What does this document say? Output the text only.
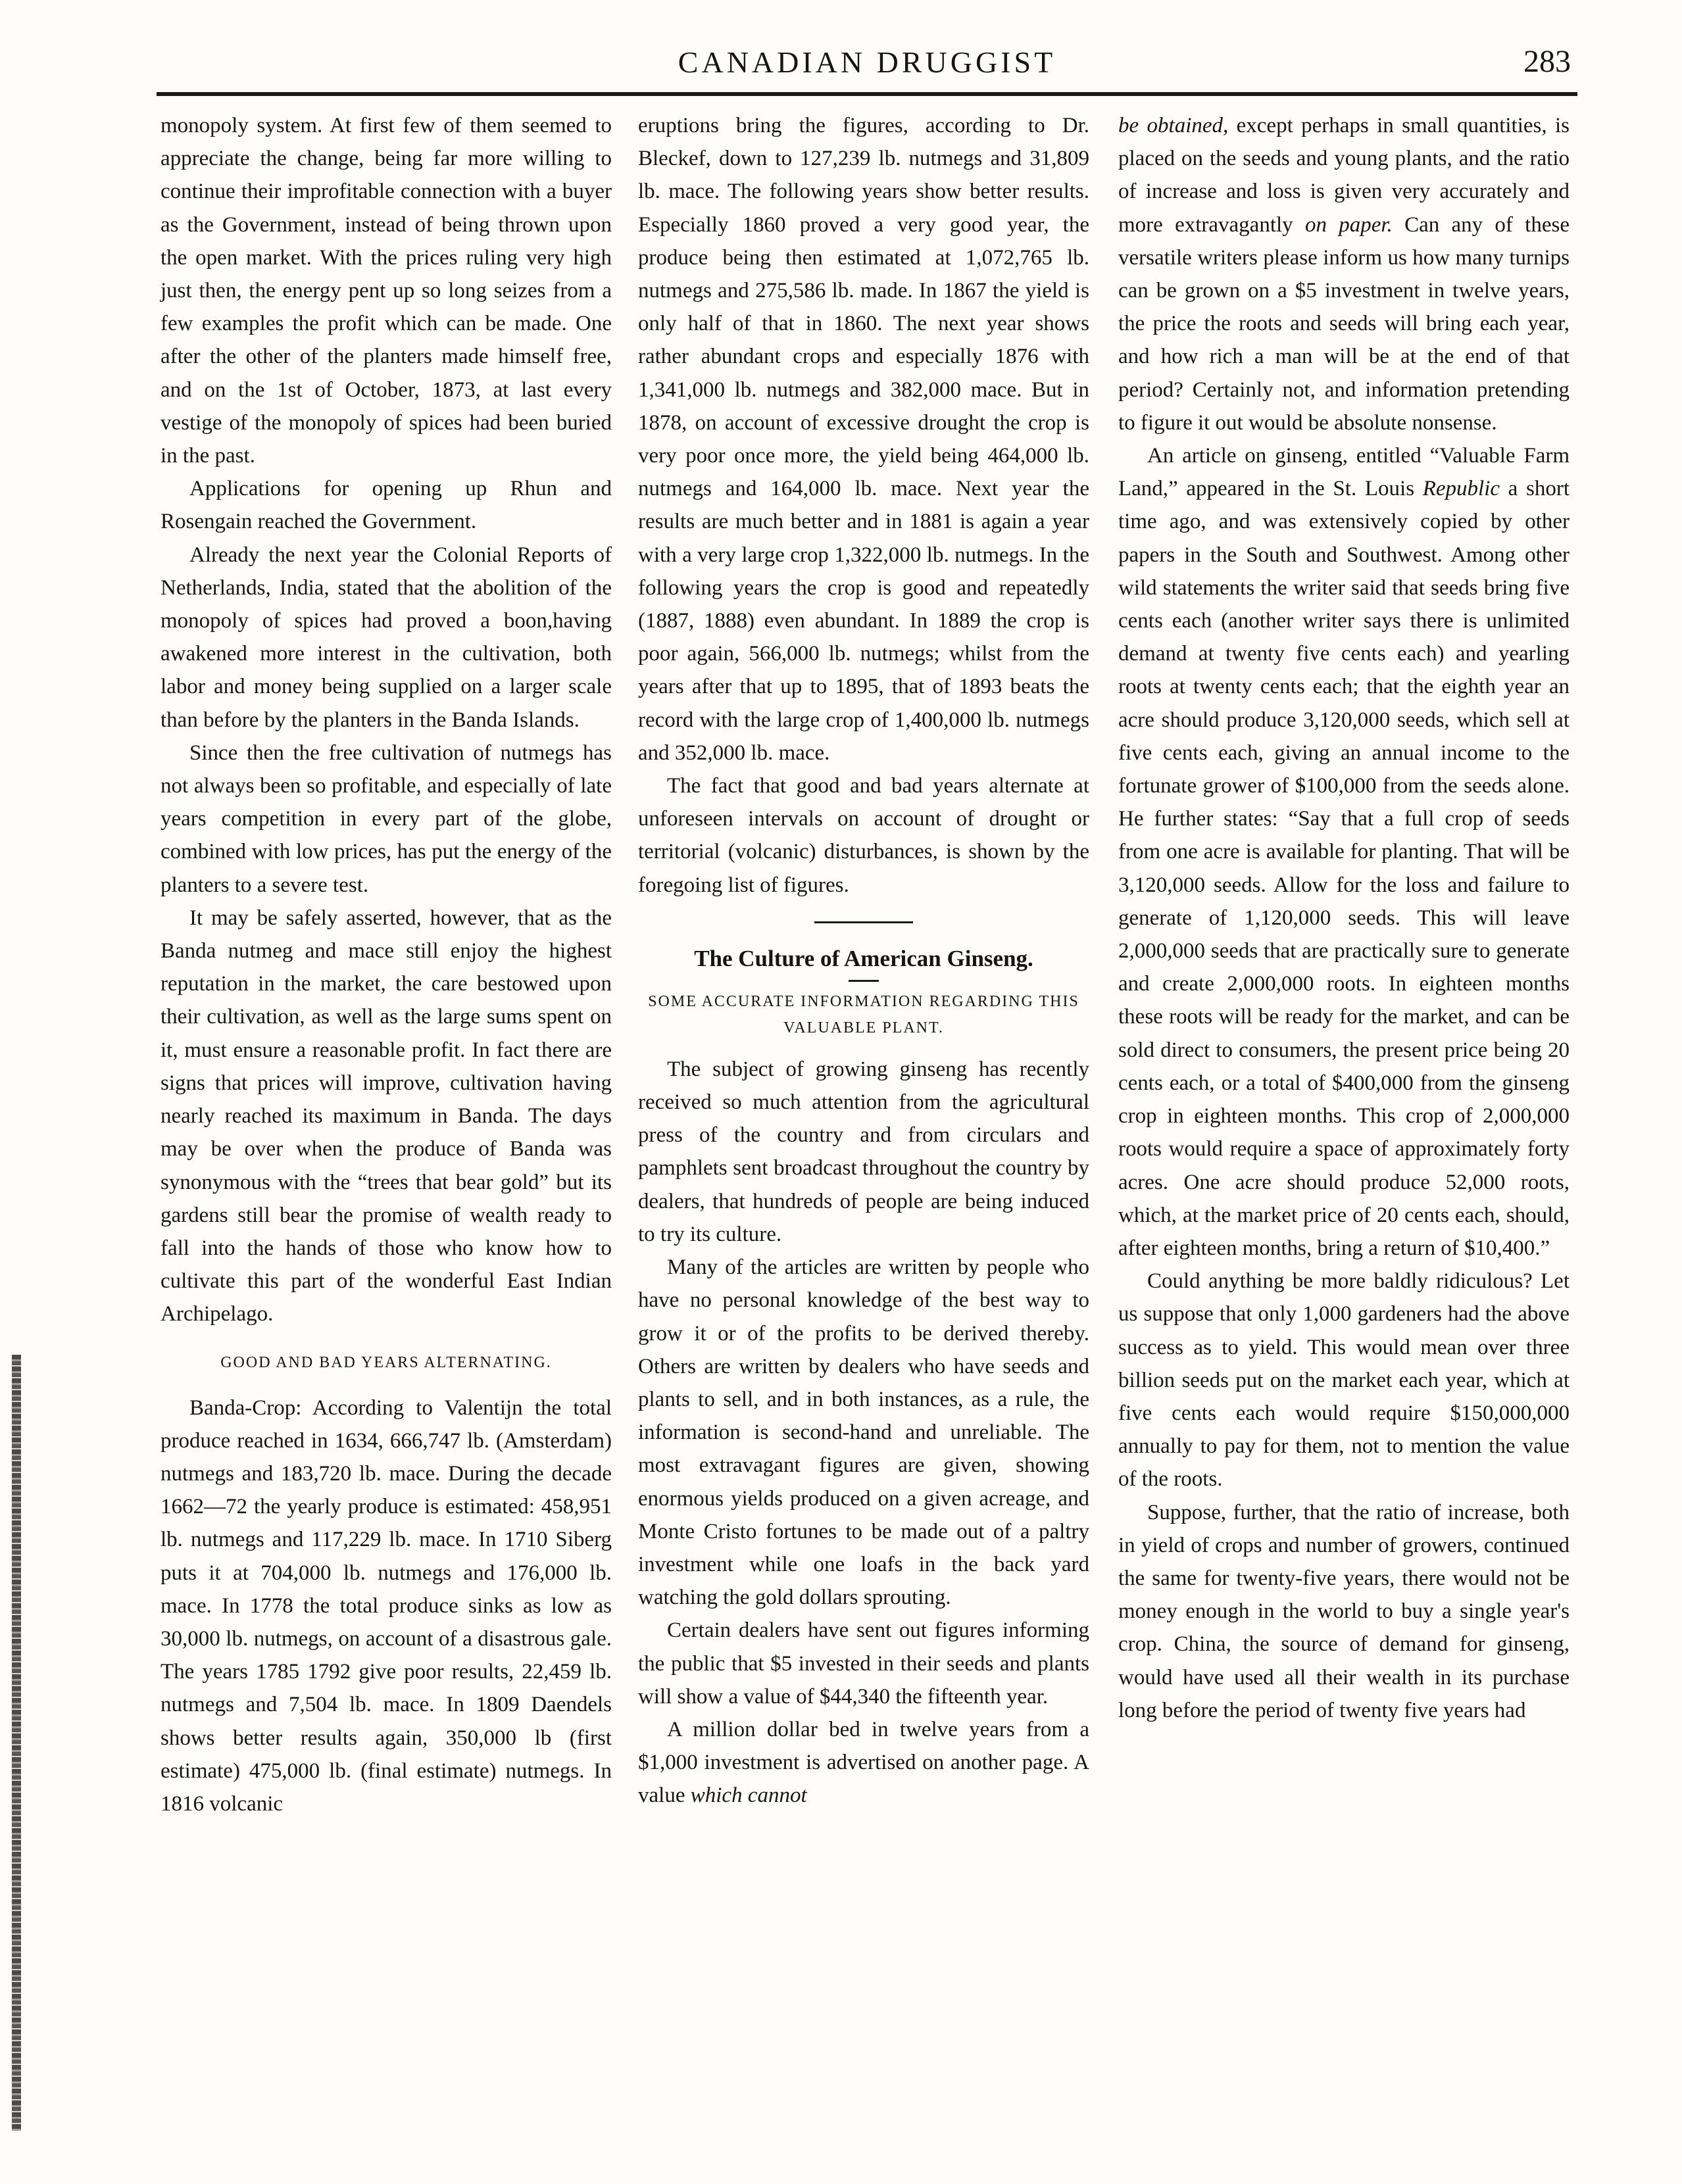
CANADIAN DRUGGIST	283

monopoly system. At first few of them seemed to appreciate the change, being far more willing to continue their improfitable connection with a buyer as the Government, instead of being thrown upon the open market. With the prices ruling very high just then, the energy pent up so long seizes from a few examples the profit which can be made. One after the other of the planters made himself free, and on the 1st of October, 1873, at last every vestige of the monopoly of spices had been buried in the past.

Applications for opening up Rhun and Rosengain reached the Government.

Already the next year the Colonial Reports of Netherlands, India, stated that the abolition of the monopoly of spices had proved a boon,having awakened more interest in the cultivation, both labor and money being supplied on a larger scale than before by the planters in the Banda Islands.

Since then the free cultivation of nutmegs has not always been so profitable, and especially of late years competition in every part of the globe, combined with low prices, has put the energy of the planters to a severe test.

It may be safely asserted, however, that as the Banda nutmeg and mace still enjoy the highest reputation in the market, the care bestowed upon their cultivation, as well as the large sums spent on it, must ensure a reasonable profit. In fact there are signs that prices will improve, cultivation having nearly reached its maximum in Banda. The days may be over when the produce of Banda was synonymous with the “trees that bear gold” but its gardens still bear the promise of wealth ready to fall into the hands of those who know how to cultivate this part of the wonderful East Indian Archipelago.

GOOD AND BAD YEARS ALTERNATING.

Banda-Crop: According to Valentijn the total produce reached in 1634, 666,747 lb. (Amsterdam) nutmegs and 183,720 lb. mace. During the decade 1662—72 the yearly produce is estimated: 458,951 lb. nutmegs and 117,229 lb. mace. In 1710 Siberg puts it at 704,000 lb. nutmegs and 176,000 lb. mace. In 1778 the total produce sinks as low as 30,000 lb. nutmegs, on account of a disastrous gale. The years 1785 1792 give poor results, 22,459 lb. nutmegs and 7,504 lb. mace. In 1809 Daendels shows better results again, 350,000 lb (first estimate) 475,000 lb. (final estimate) nutmegs. In 1816 volcanic

eruptions bring the figures, according to Dr. Bleckef, down to 127,239 lb. nutmegs and 31,809 lb. mace. The following years show better results. Especially 1860 proved a very good year, the produce being then estimated at 1,072,765 lb. nutmegs and 275,586 lb. made. In 1867 the yield is only half of that in 1860. The next year shows rather abundant crops and especially 1876 with 1,341,000 lb. nutmegs and 382,000 mace. But in 1878, on account of excessive drought the crop is very poor once more, the yield being 464,000 lb. nutmegs and 164,000 lb. mace. Next year the results are much better and in 1881 is again a year with a very large crop 1,322,000 lb. nutmegs. In the following years the crop is good and repeatedly (1887, 1888) even abundant. In 1889 the crop is poor again, 566,000 lb. nutmegs; whilst from the years after that up to 1895, that of 1893 beats the record with the large crop of 1,400,000 lb. nutmegs and 352,000 lb. mace.

The fact that good and bad years alternate at unforeseen intervals on account of drought or territorial (volcanic) disturbances, is shown by the foregoing list of figures.

The Culture of American Ginseng.
SOME ACCURATE INFORMATION REGARDING THIS VALUABLE PLANT.

The subject of growing ginseng has recently received so much attention from the agricultural press of the country and from circulars and pamphlets sent broadcast throughout the country by dealers, that hundreds of people are being induced to try its culture.

Many of the articles are written by people who have no personal knowledge of the best way to grow it or of the profits to be derived thereby. Others are written by dealers who have seeds and plants to sell, and in both instances, as a rule, the information is second-hand and unreliable. The most extravagant figures are given, showing enormous yields produced on a given acreage, and Monte Cristo fortunes to be made out of a paltry investment while one loafs in the back yard watching the gold dollars sprouting.

Certain dealers have sent out figures informing the public that $5 invested in their seeds and plants will show a value of $44,340 the fifteenth year.

A million dollar bed in twelve years from a $1,000 investment is advertised on another page. A value which cannot

be obtained, except perhaps in small quantities, is placed on the seeds and young plants, and the ratio of increase and loss is given very accurately and more extravagantly on paper. Can any of these versatile writers please inform us how many turnips can be grown on a $5 investment in twelve years, the price the roots and seeds will bring each year, and how rich a man will be at the end of that period? Certainly not, and information pretending to figure it out would be absolute nonsense.

An article on ginseng, entitled “Valuable Farm Land,” appeared in the St. Louis Republic a short time ago, and was extensively copied by other papers in the South and Southwest. Among other wild statements the writer said that seeds bring five cents each (another writer says there is unlimited demand at twenty five cents each) and yearling roots at twenty cents each; that the eighth year an acre should produce 3,120,000 seeds, which sell at five cents each, giving an annual income to the fortunate grower of $100,000 from the seeds alone. He further states: “Say that a full crop of seeds from one acre is available for planting. That will be 3,120,000 seeds. Allow for the loss and failure to generate of 1,120,000 seeds. This will leave 2,000,000 seeds that are practically sure to generate and create 2,000,000 roots. In eighteen months these roots will be ready for the market, and can be sold direct to consumers, the present price being 20 cents each, or a total of $400,000 from the ginseng crop in eighteen months. This crop of 2,000,000 roots would require a space of approximately forty acres. One acre should produce 52,000 roots, which, at the market price of 20 cents each, should, after eighteen months, bring a return of $10,400.”

Could anything be more baldly ridiculous? Let us suppose that only 1,000 gardeners had the above success as to yield. This would mean over three billion seeds put on the market each year, which at five cents each would require $150,000,000 annually to pay for them, not to mention the value of the roots.

Suppose, further, that the ratio of increase, both in yield of crops and number of growers, continued the same for twenty-five years, there would not be money enough in the world to buy a single year's crop. China, the source of demand for ginseng, would have used all their wealth in its purchase long before the period of twenty five years had
